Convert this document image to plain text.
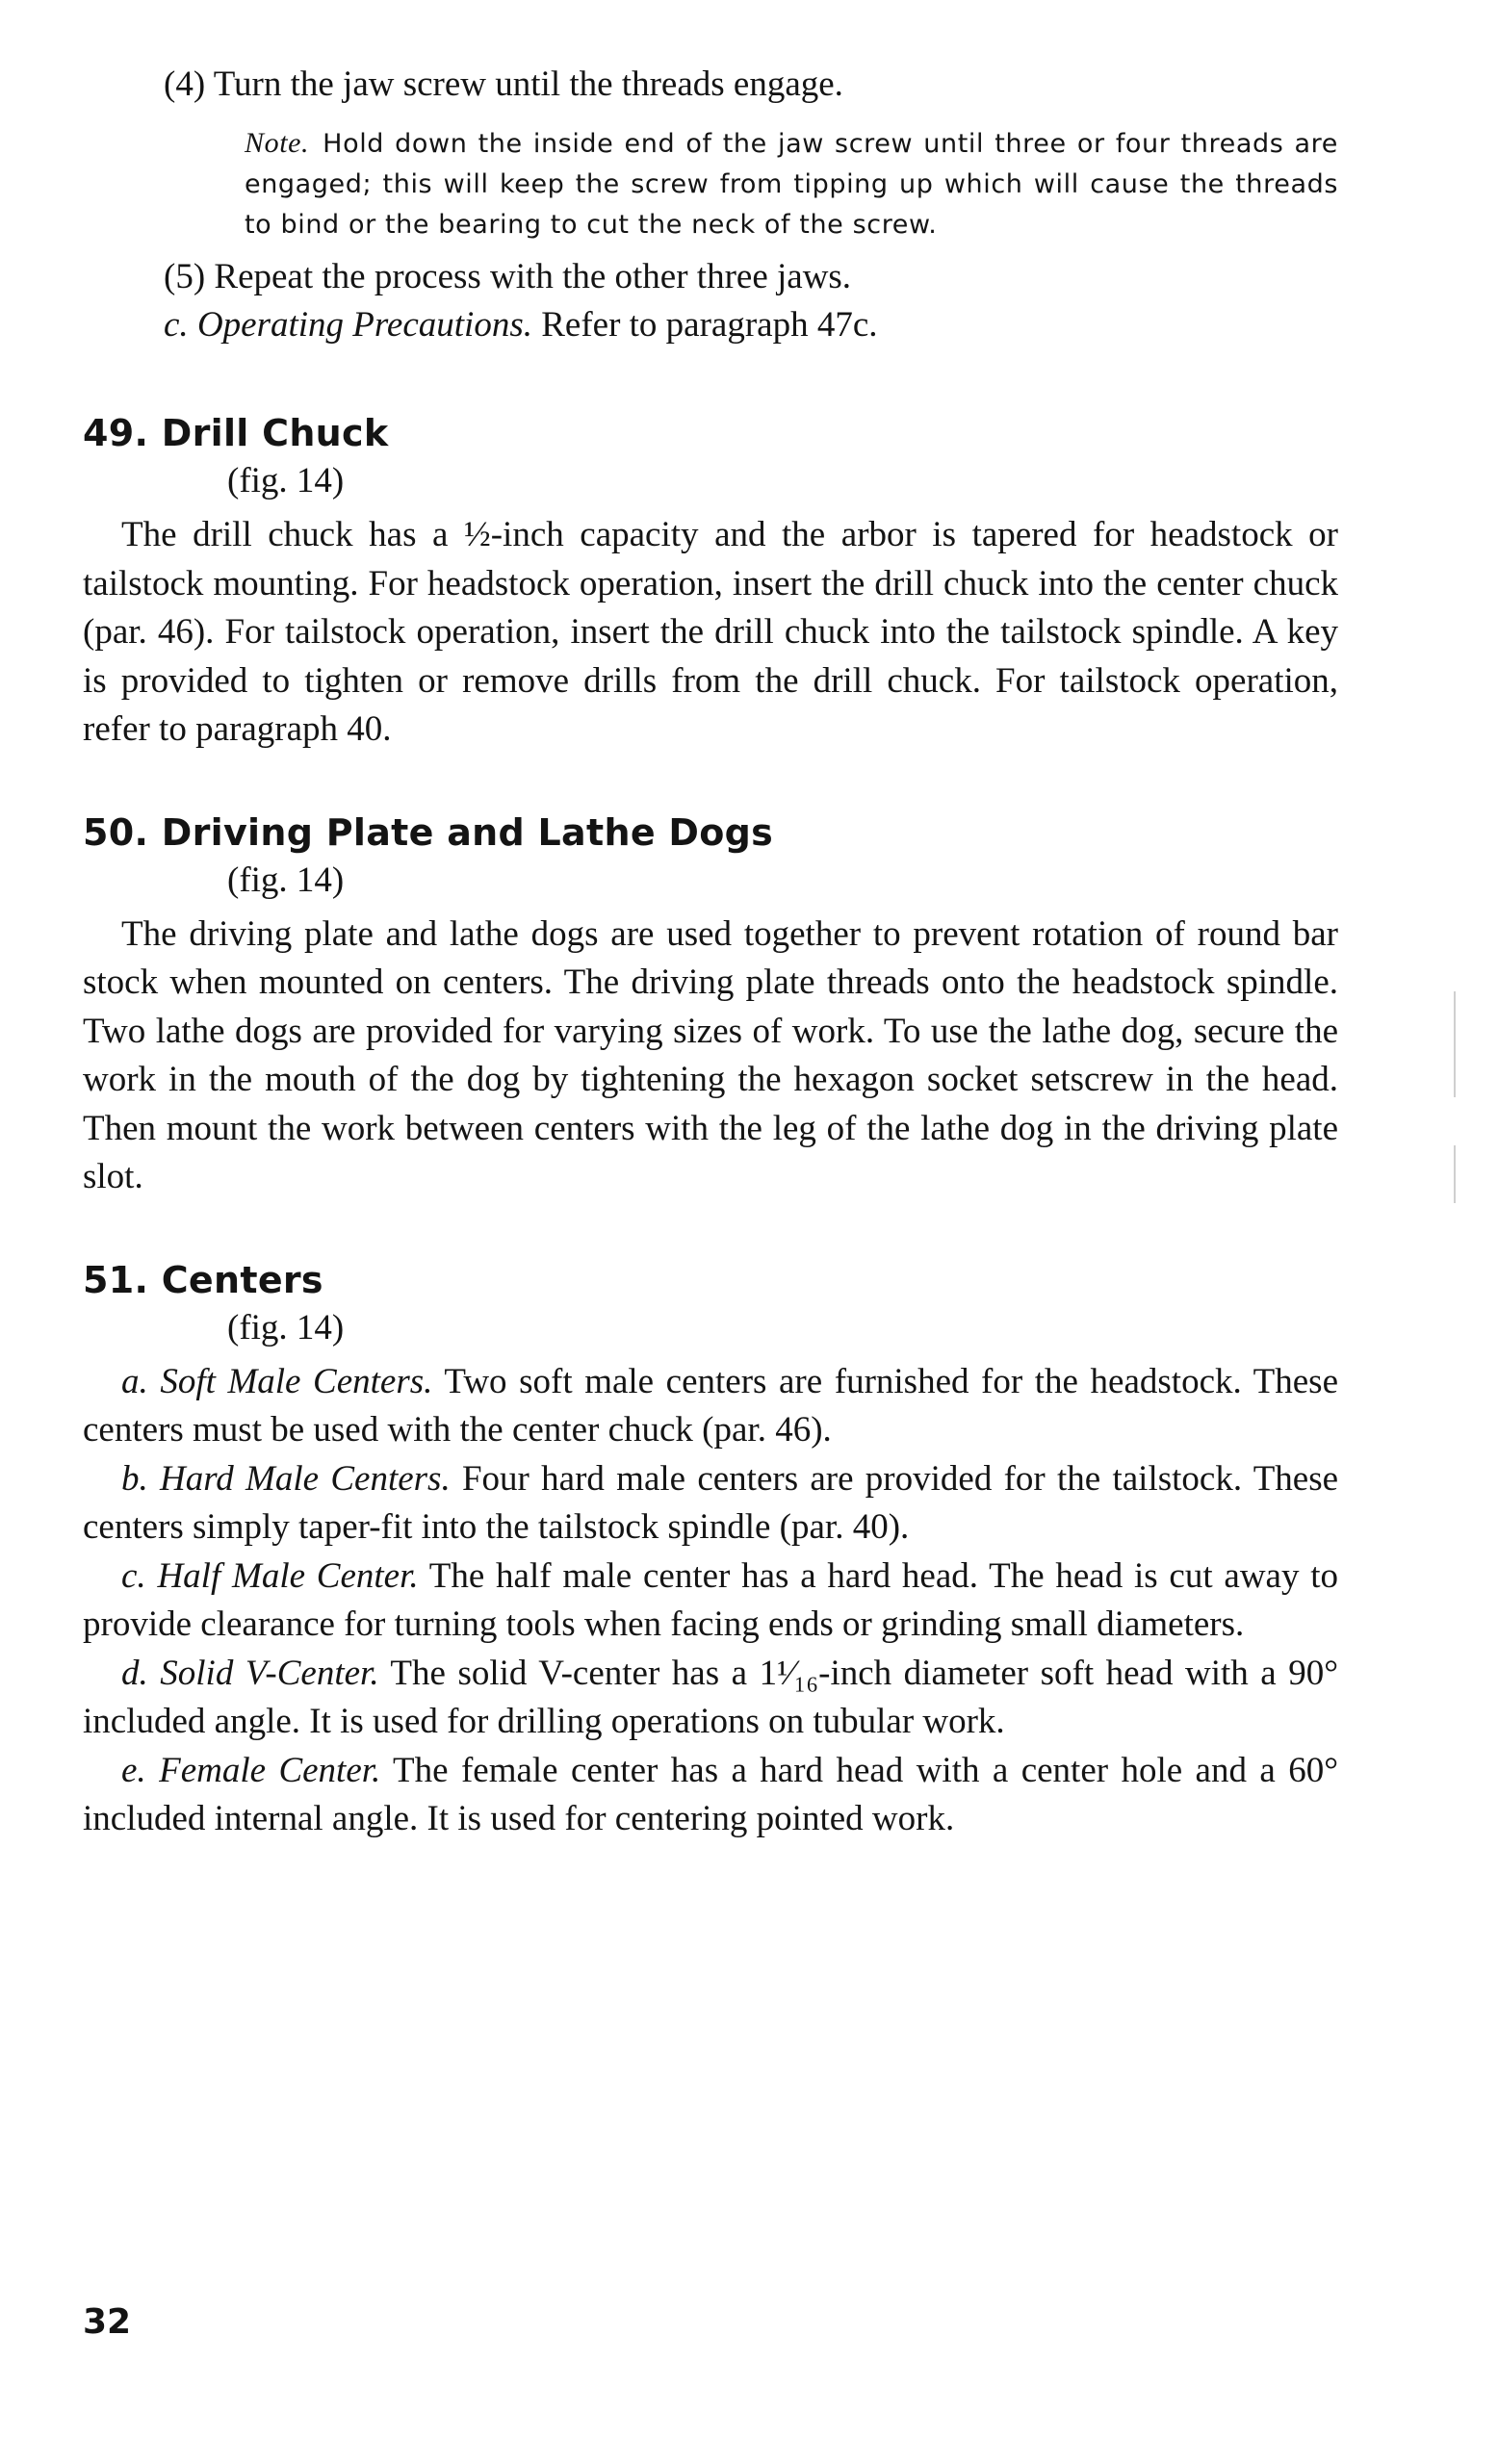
(4) Turn the jaw screw until the threads engage.

Note. Hold down the inside end of the jaw screw until three or four threads are engaged; this will keep the screw from tipping up which will cause the threads to bind or the bearing to cut the neck of the screw.

(5) Repeat the process with the other three jaws.

c. Operating Precautions. Refer to paragraph 47c.

49. Drill Chuck

(fig. 14)

The drill chuck has a ½-inch capacity and the arbor is tapered for headstock or tailstock mounting. For headstock operation, insert the drill chuck into the center chuck (par. 46). For tailstock operation, insert the drill chuck into the tailstock spindle. A key is provided to tighten or remove drills from the drill chuck. For tailstock operation, refer to paragraph 40.

50. Driving Plate and Lathe Dogs

(fig. 14)

The driving plate and lathe dogs are used together to prevent rotation of round bar stock when mounted on centers. The driving plate threads onto the headstock spindle. Two lathe dogs are provided for varying sizes of work. To use the lathe dog, secure the work in the mouth of the dog by tightening the hexagon socket setscrew in the head. Then mount the work between centers with the leg of the lathe dog in the driving plate slot.

51. Centers

(fig. 14)

a. Soft Male Centers. Two soft male centers are furnished for the headstock. These centers must be used with the center chuck (par. 46).

b. Hard Male Centers. Four hard male centers are provided for the tailstock. These centers simply taper-fit into the tailstock spindle (par. 40).

c. Half Male Center. The half male center has a hard head. The head is cut away to provide clearance for turning tools when facing ends or grinding small diameters.

d. Solid V-Center. The solid V-center has a 1¹⁄₁₆-inch diameter soft head with a 90° included angle. It is used for drilling operations on tubular work.

e. Female Center. The female center has a hard head with a center hole and a 60° included internal angle. It is used for centering pointed work.

32
